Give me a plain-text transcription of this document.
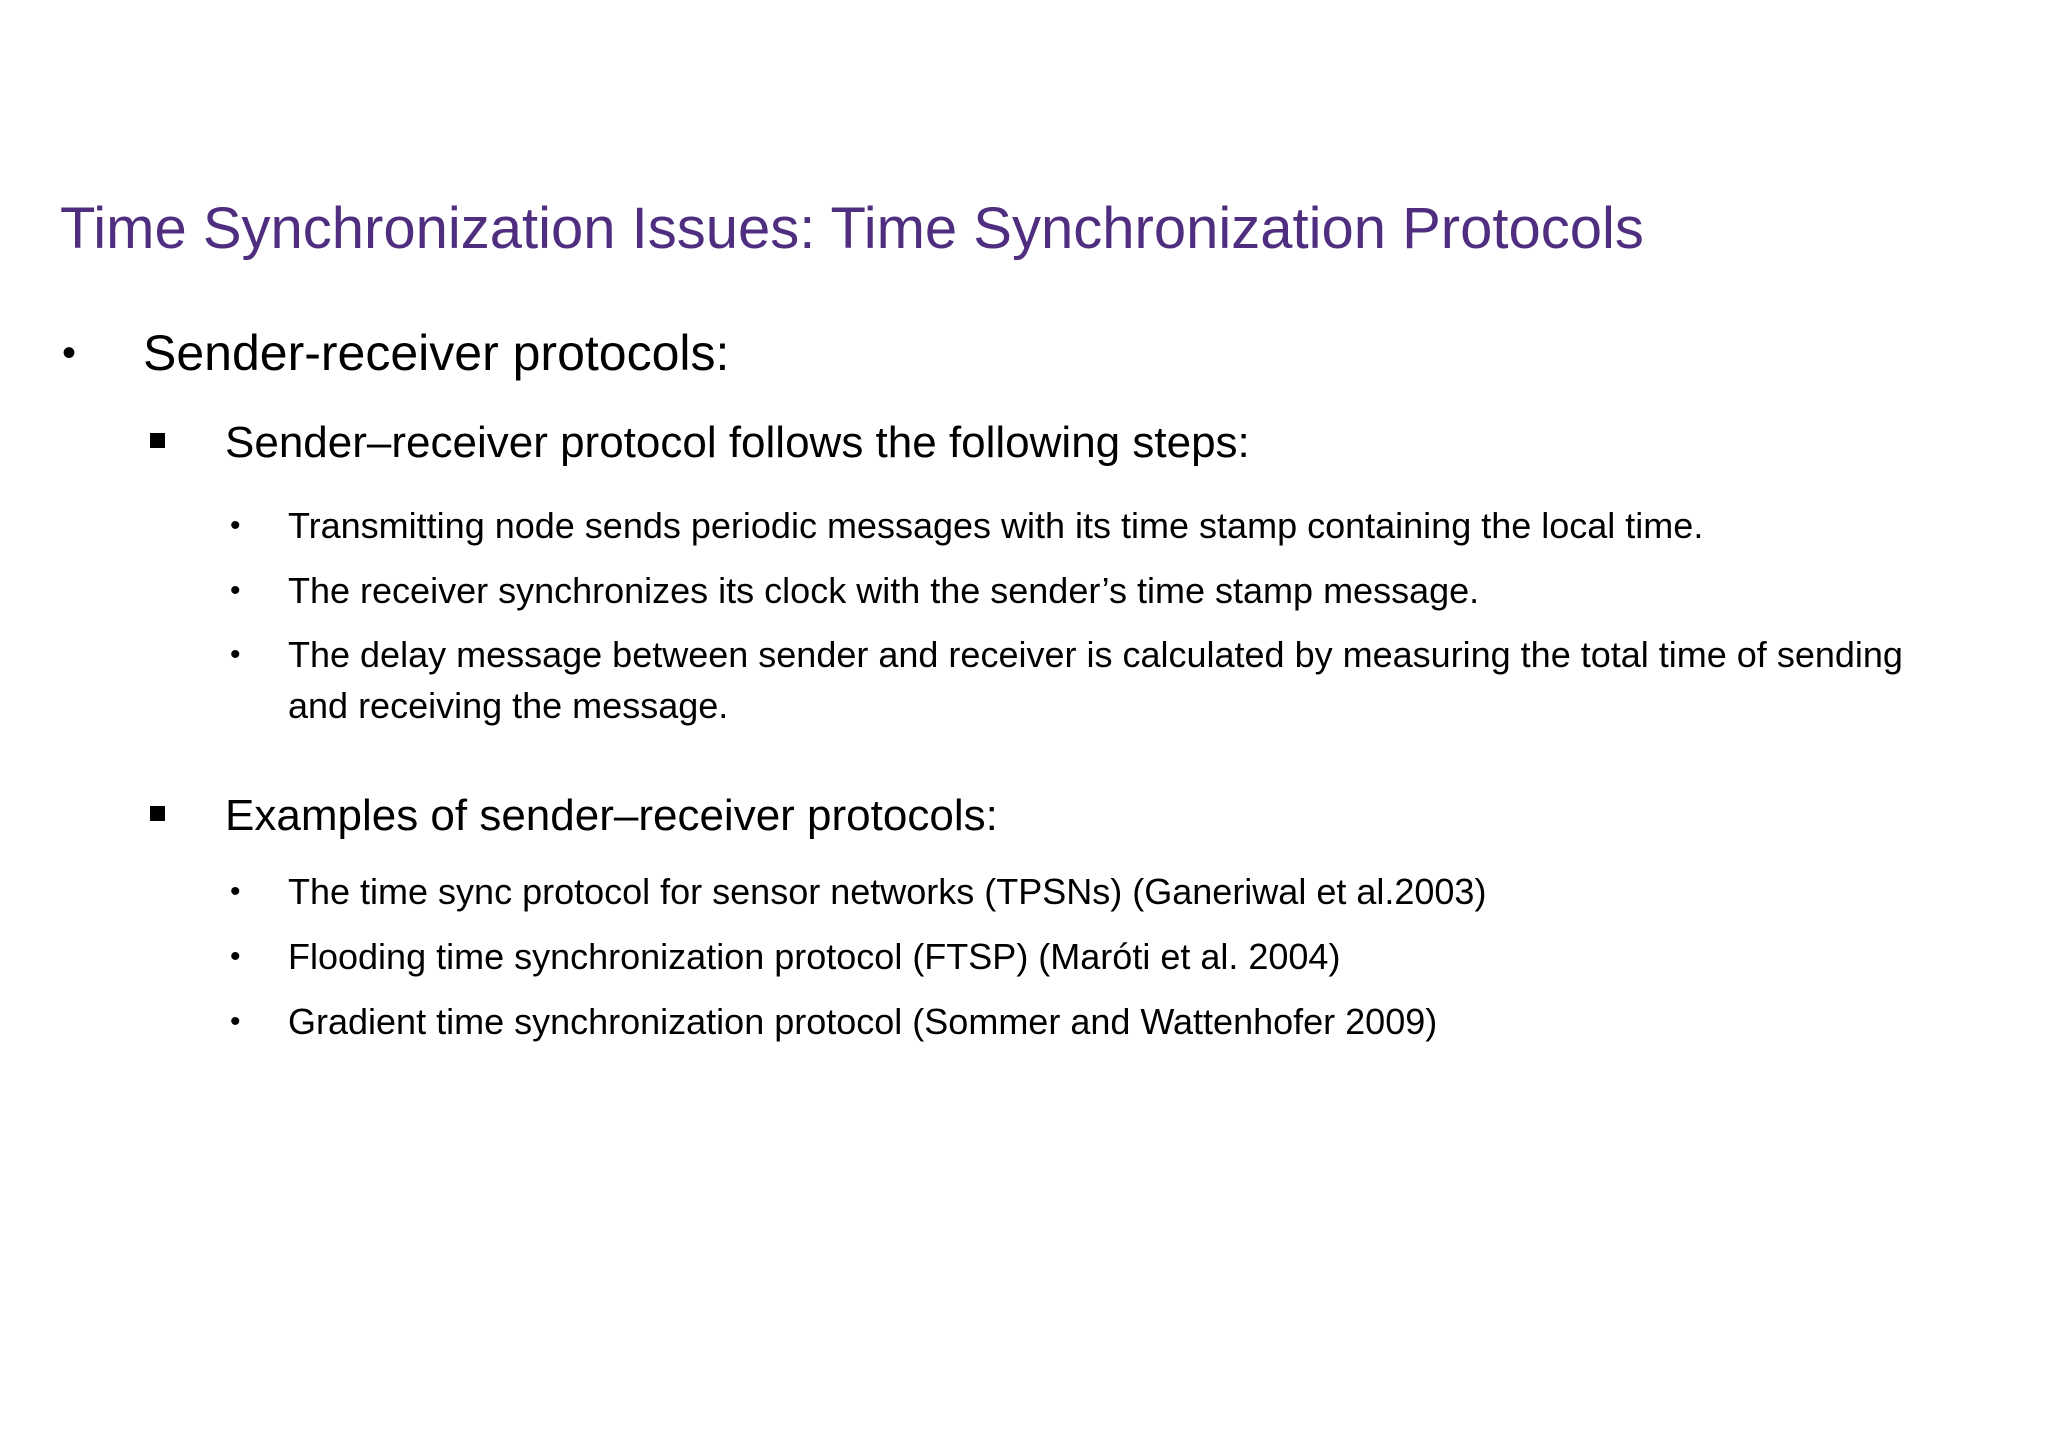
Time Synchronization Issues: Time Synchronization Protocols
• Sender-receiver protocols:
Sender–receiver protocol follows the following steps:
• Transmitting node sends periodic messages with its time stamp containing the local time.
• The receiver synchronizes its clock with the sender’s time stamp message.
• The delay message between sender and receiver is calculated by measuring the total time of sending and receiving the message.
Examples of sender–receiver protocols:
• The time sync protocol for sensor networks (TPSNs) (Ganeriwal et al.2003)
• Flooding time synchronization protocol (FTSP) (Maróti et al. 2004)
• Gradient time synchronization protocol (Sommer and Wattenhofer 2009)
